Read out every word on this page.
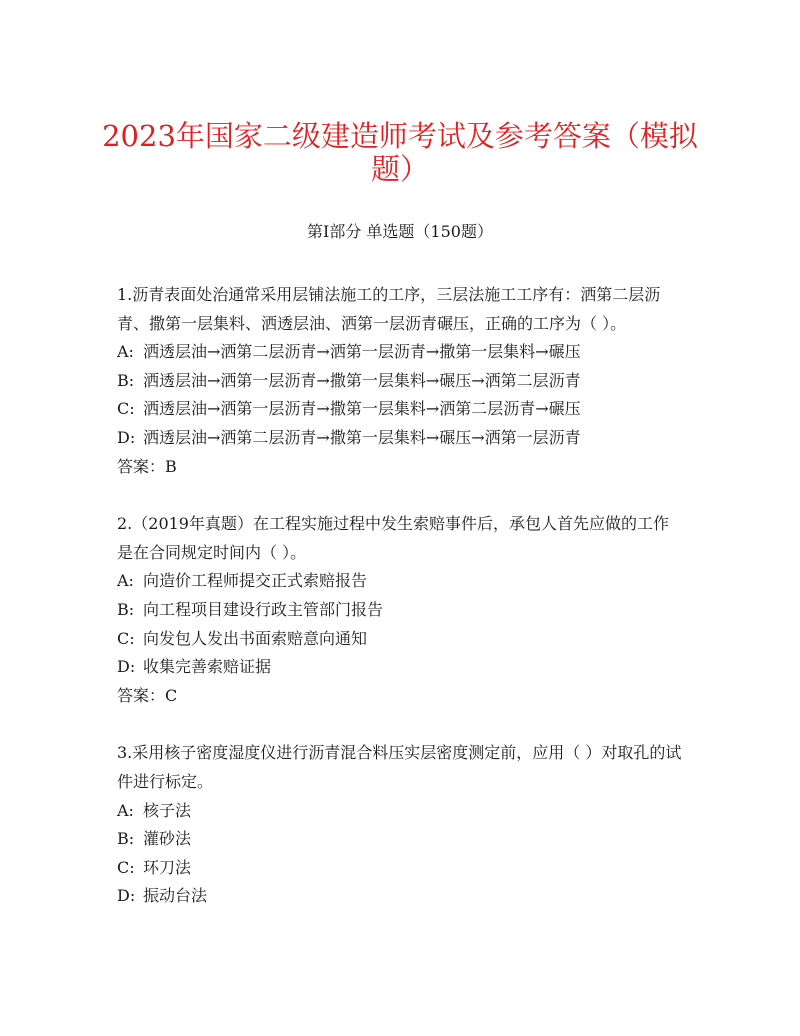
2023年国家二级建造师考试及参考答案（模拟题）
第I部分 单选题（150题）

1.沥青表面处治通常采用层铺法施工的工序，三层法施工工序有：洒第二层沥青、撒第一层集料、洒透层油、洒第一层沥青碾压，正确的工序为（ ）。

A: 洒透层油→洒第二层沥青→洒第一层沥青→撒第一层集料→碾压

B: 洒透层油→洒第一层沥青→撒第一层集料→碾压→洒第二层沥青

C: 洒透层油→洒第一层沥青→撒第一层集料→洒第二层沥青→碾压

D: 洒透层油→洒第二层沥青→撒第一层集料→碾压→洒第一层沥青

答案：B

2.（2019年真题）在工程实施过程中发生索赔事件后，承包人首先应做的工作是在合同规定时间内（ ）。

A: 向造价工程师提交正式索赔报告

B: 向工程项目建设行政主管部门报告

C: 向发包人发出书面索赔意向通知

D: 收集完善索赔证据

答案：C

3.采用核子密度湿度仪进行沥青混合料压实层密度测定前，应用（ ）对取孔的试件进行标定。

A: 核子法

B: 灌砂法

C: 环刀法

D: 振动台法
